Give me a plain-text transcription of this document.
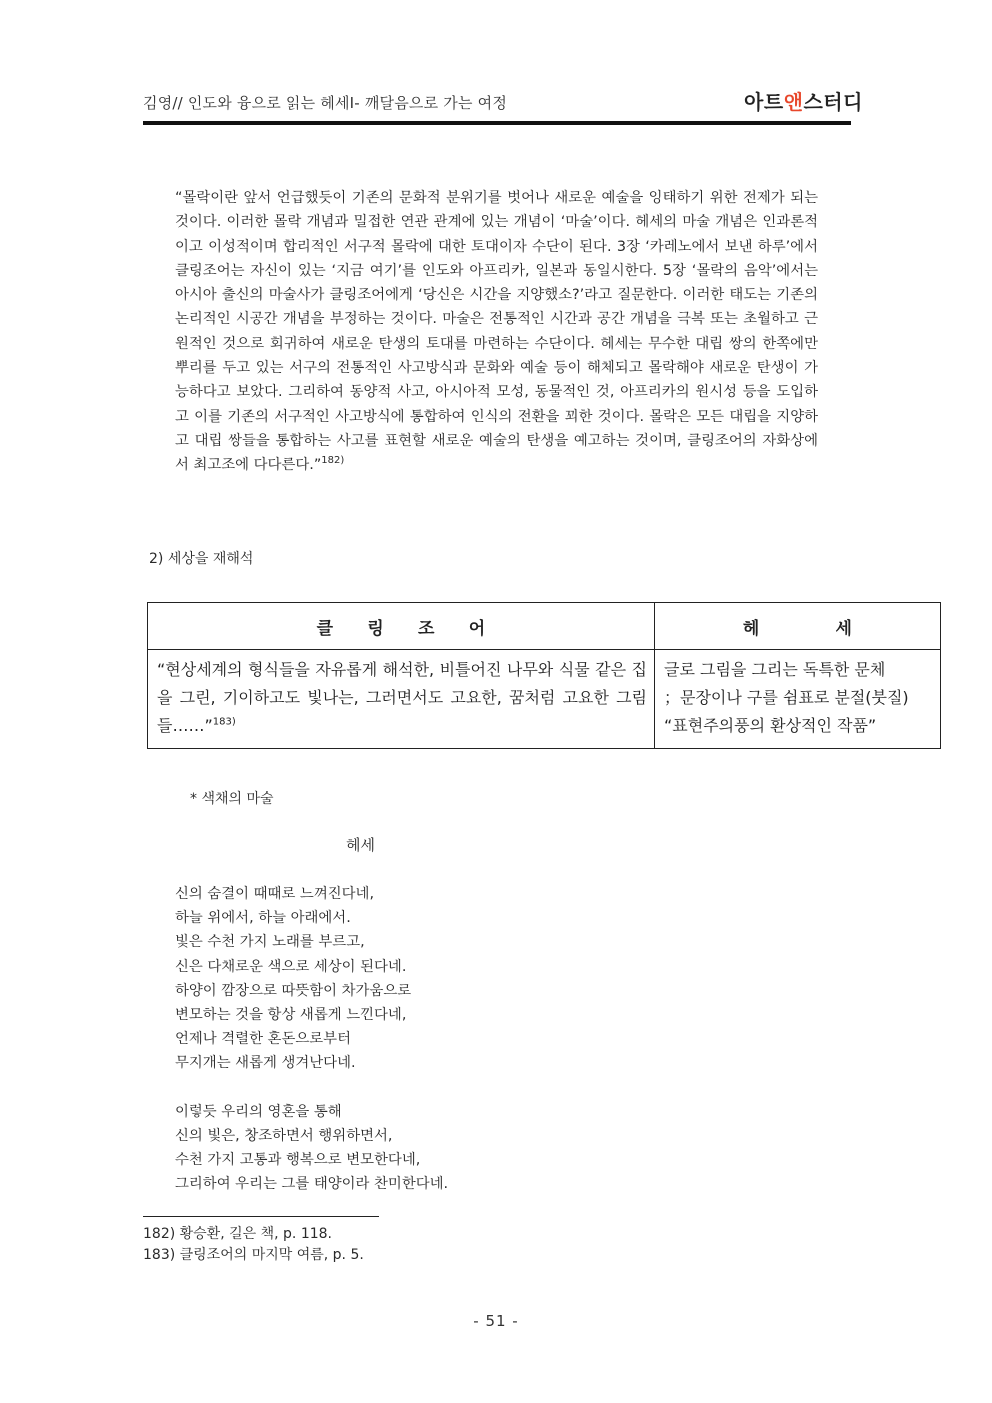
김영// 인도와 융으로 읽는 헤세Ⅰ- 깨달음으로 가는 여정	아트앤스터디

“몰락이란 앞서 언급했듯이 기존의 문화적 분위기를 벗어나 새로운 예술을 잉태하기 위한 전제가 되는 것이다. 이러한 몰락 개념과 밀접한 연관 관계에 있는 개념이 ‘마술’이다. 헤세의 마술 개념은 인과론적이고 이성적이며 합리적인 서구적 몰락에 대한 토대이자 수단이 된다. 3장 ‘카레노에서 보낸 하루’에서 클링조어는 자신이 있는 ‘지금 여기’를 인도와 아프리카, 일본과 동일시한다. 5장 ‘몰락의 음악’에서는 아시아 출신의 마술사가 클링조어에게 ‘당신은 시간을 지양했소?’라고 질문한다. 이러한 태도는 기존의 논리적인 시공간 개념을 부정하는 것이다. 마술은 전통적인 시간과 공간 개념을 극복 또는 초월하고 근원적인 것으로 회귀하여 새로운 탄생의 토대를 마련하는 수단이다. 헤세는 무수한 대립 쌍의 한쪽에만 뿌리를 두고 있는 서구의 전통적인 사고방식과 문화와 예술 등이 해체되고 몰락해야 새로운 탄생이 가능하다고 보았다. 그리하여 동양적 사고, 아시아적 모성, 동물적인 것, 아프리카의 원시성 등을 도입하고 이를 기존의 서구적인 사고방식에 통합하여 인식의 전환을 꾀한 것이다. 몰락은 모든 대립을 지양하고 대립 쌍들을 통합하는 사고를 표현할 새로운 예술의 탄생을 예고하는 것이며, 클링조어의 자화상에서 최고조에 다다른다.”$^{182)}$

2) 세상을 재해석
클 링 조 어	헤 세
“현상세계의 형식들을 자유롭게 해석한, 비틀어진 나무와 식물 같은 집을 그린, 기이하고도 빛나는, 그러면서도 고요한, 꿈처럼 고요한 그림들……”$^{183)}$	글로 그림을 그리는 독특한 문체
；문장이나 구를 쉼표로 분절(붓질)
“표현주의풍의 환상적인 작품”
* 색채의 마술
헤세
신의 숨결이 때때로 느껴진다네,
하늘 위에서, 하늘 아래에서.
빛은 수천 가지 노래를 부르고,
신은 다채로운 색으로 세상이 된다네.
하양이 깜장으로 따뜻함이 차가움으로
변모하는 것을 항상 새롭게 느낀다네,
언제나 격렬한 혼돈으로부터
무지개는 새롭게 생겨난다네.
이렇듯 우리의 영혼을 통해
신의 빛은, 창조하면서 행위하면서,
수천 가지 고통과 행복으로 변모한다네,
그리하여 우리는 그를 태양이라 찬미한다네.
182) 황승환, 길은 책, p. 118.
183) 클링조어의 마지막 여름, p. 5.
- 51 -
